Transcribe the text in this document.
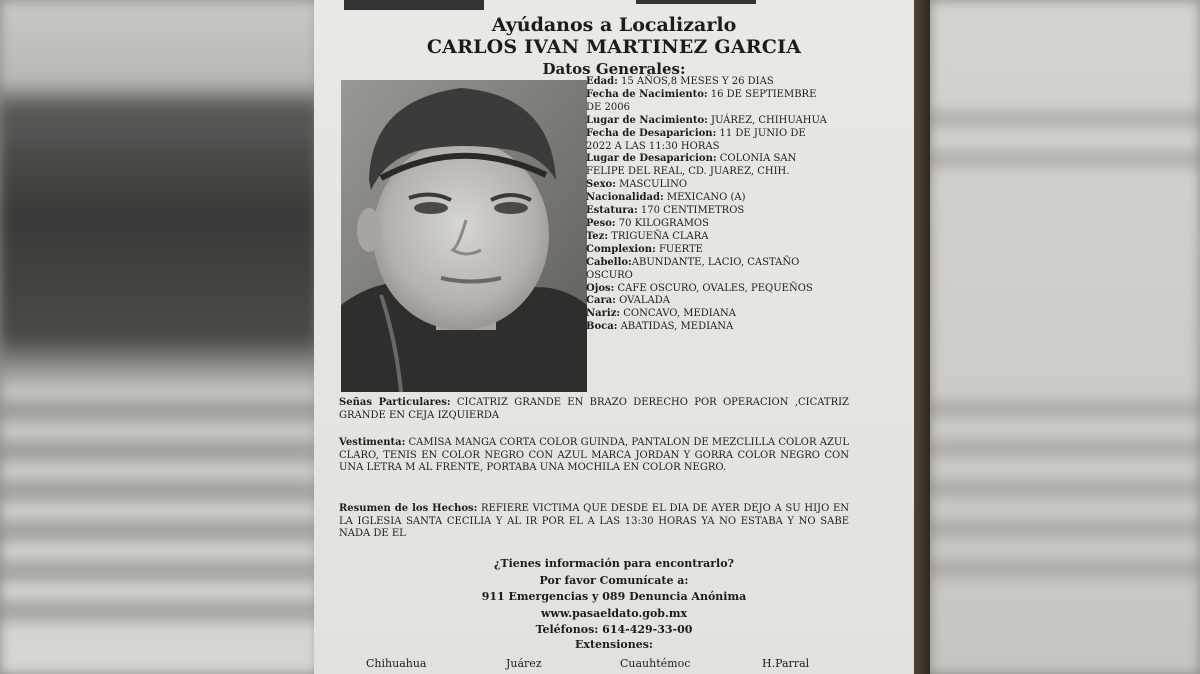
Ayúdanos a Localizarlo
CARLOS IVAN MARTINEZ GARCIA
Datos Generales:
Edad: 15 AÑOS,8 MESES Y 26 DIAS
Fecha de Nacimiento: 16 DE SEPTIEMBRE DE 2006
Lugar de Nacimiento: JUÁREZ, CHIHUAHUA
Fecha de Desaparicion: 11 DE JUNIO DE 2022 A LAS 11:30 HORAS
Lugar de Desaparicion: COLONIA SAN FELIPE DEL REAL, CD. JUAREZ, CHIH.
Sexo: MASCULINO
Nacionalidad: MEXICANO (A)
Estatura: 170 CENTIMETROS
Peso: 70 KILOGRAMOS
Tez: TRIGUEÑA CLARA
Complexion: FUERTE
Cabello:ABUNDANTE, LACIO, CASTAÑO OSCURO
Ojos: CAFE OSCURO, OVALES, PEQUEÑOS
Cara: OVALADA
Nariz: CONCAVO, MEDIANA
Boca: ABATIDAS, MEDIANA
Señas Particulares: CICATRIZ GRANDE EN BRAZO DERECHO POR OPERACION ,CICATRIZ GRANDE EN CEJA IZQUIERDA
Vestimenta: CAMISA MANGA CORTA COLOR GUINDA, PANTALON DE MEZCLILLA COLOR AZUL CLARO, TENIS EN COLOR NEGRO CON AZUL MARCA JORDAN Y GORRA COLOR NEGRO CON UNA LETRA M AL FRENTE, PORTABA UNA MOCHILA EN COLOR NEGRO.
Resumen de los Hechos: REFIERE VICTIMA QUE DESDE EL DIA DE AYER DEJO A SU HIJO EN LA IGLESIA SANTA CECILIA Y AL IR POR EL A LAS 13:30 HORAS YA NO ESTABA Y NO SABE NADA DE EL
¿Tienes información para encontrarlo?
Por favor Comunícate a:
911 Emergencias y 089 Denuncia Anónima
www.pasaeldato.gob.mx
Teléfonos: 614-429-33-00
Extensiones:
Chihuahua	Juárez	Cuauhtémoc	H.Parral
